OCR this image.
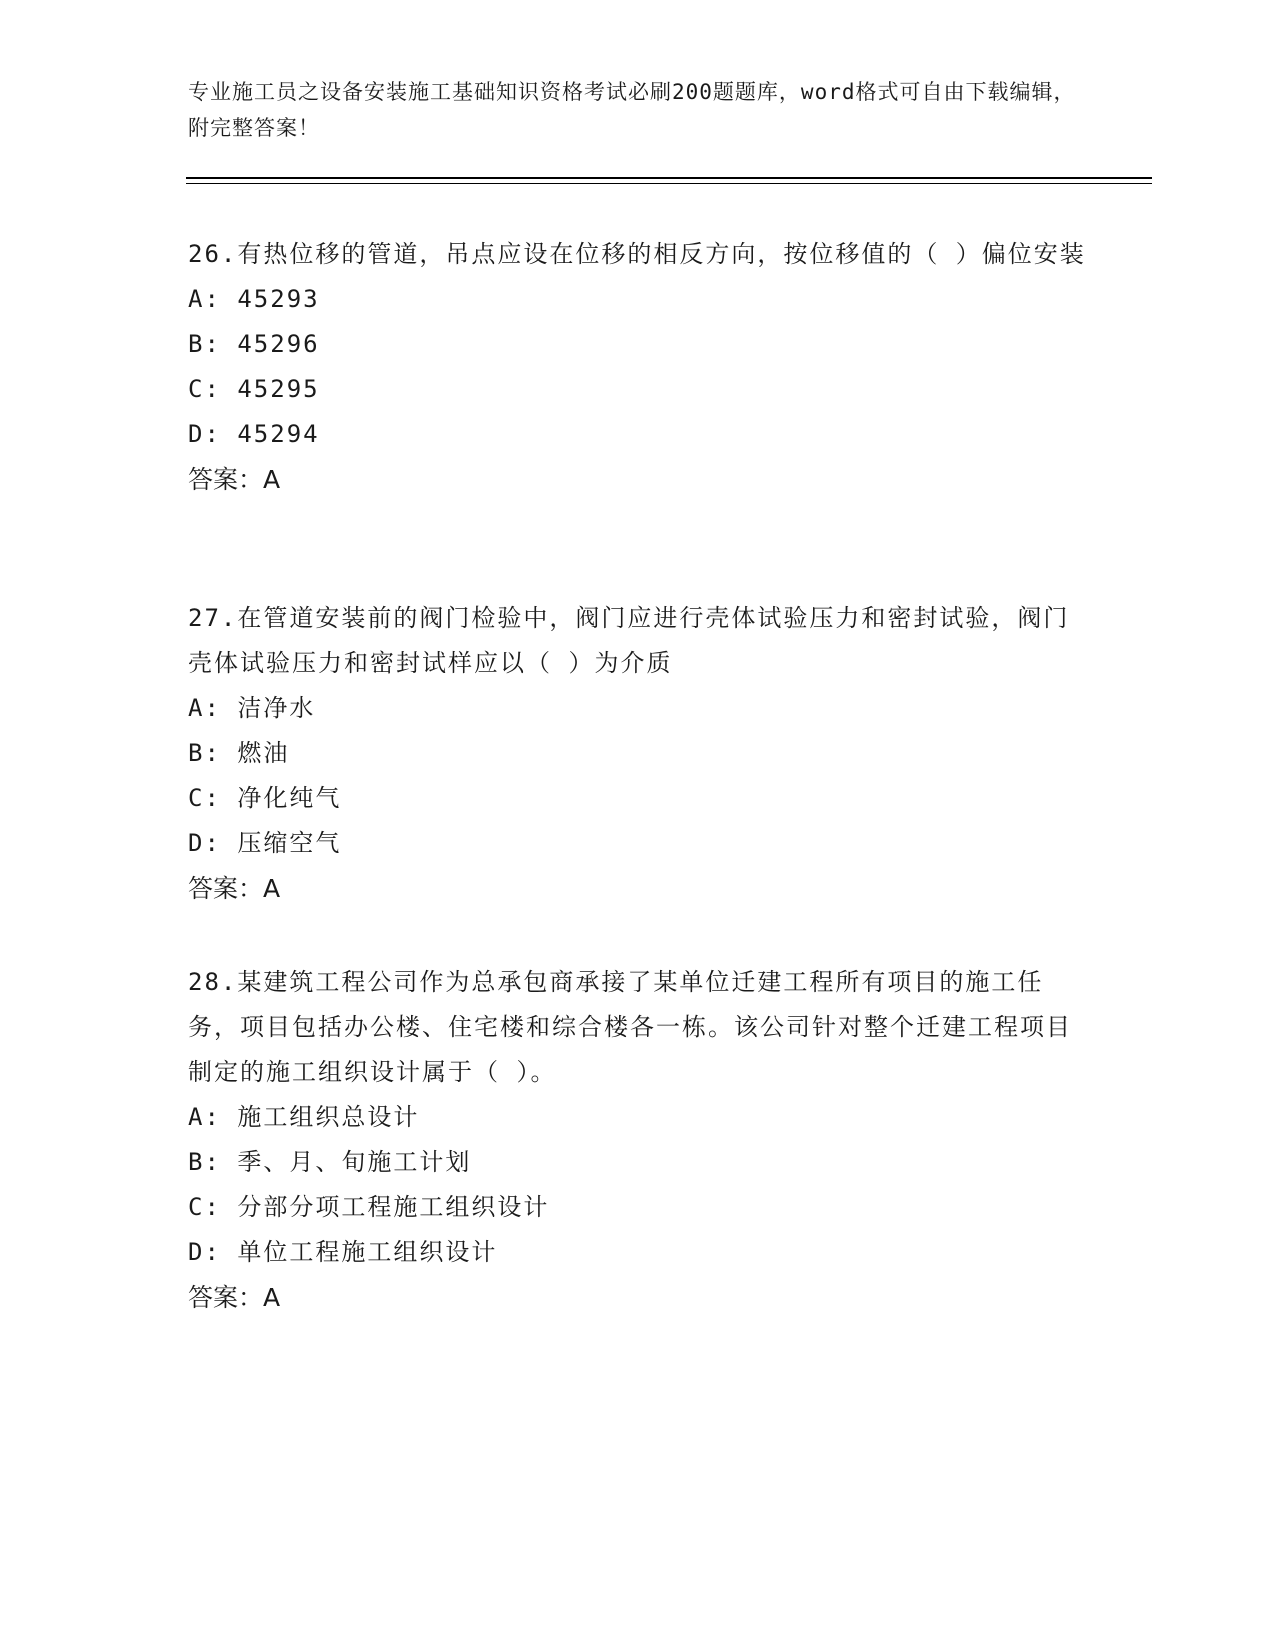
专业施工员之设备安装施工基础知识资格考试必刷200题题库，word格式可自由下载编辑，附完整答案！
26.有热位移的管道，吊点应设在位移的相反方向，按位移值的（ ）偏位安装
A: 45293
B: 45296
C: 45295
D: 45294
答案：A
27.在管道安装前的阀门检验中，阀门应进行壳体试验压力和密封试验，阀门壳体试验压力和密封试样应以（ ）为介质
A: 洁净水
B: 燃油
C: 净化纯气
D: 压缩空气
答案：A
28.某建筑工程公司作为总承包商承接了某单位迁建工程所有项目的施工任务，项目包括办公楼、住宅楼和综合楼各一栋。该公司针对整个迁建工程项目制定的施工组织设计属于（ ）。
A: 施工组织总设计
B: 季、月、旬施工计划
C: 分部分项工程施工组织设计
D: 单位工程施工组织设计
答案：A
